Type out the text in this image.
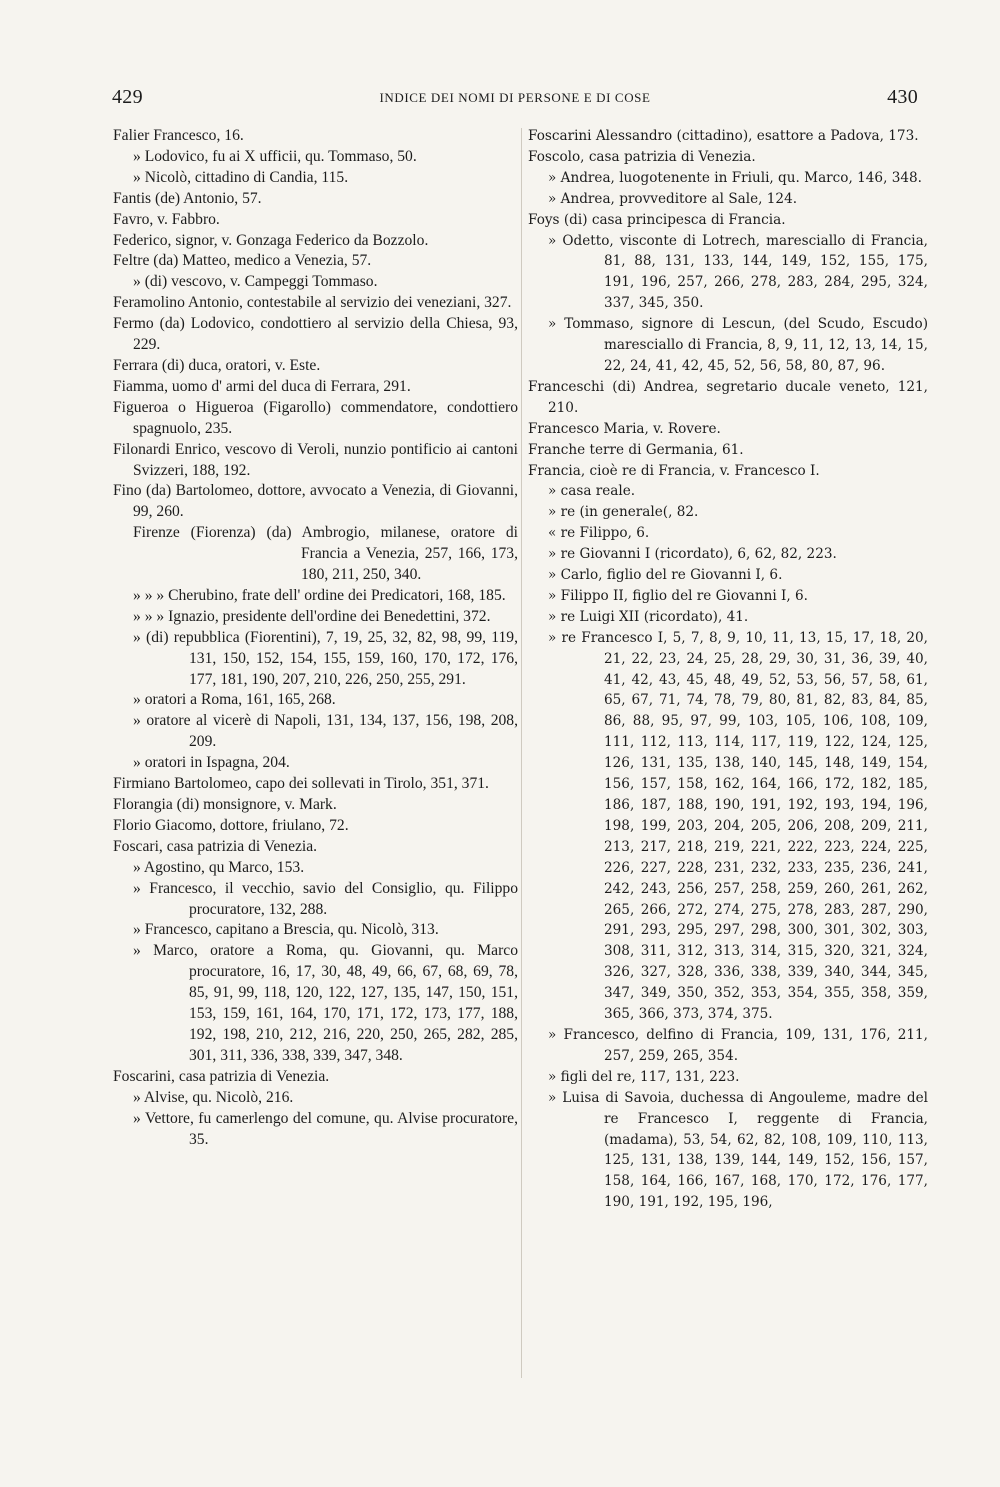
429	INDICE DEI NOMI DI PERSONE E DI COSE	430
Falier Francesco, 16.
» Lodovico, fu ai X ufficii, qu. Tommaso, 50.
» Nicolò, cittadino di Candia, 115.
Fantis (de) Antonio, 57.
Favro, v. Fabbro.
Federico, signor, v. Gonzaga Federico da Bozzolo.
Feltre (da) Matteo, medico a Venezia, 57.
» (di) vescovo, v. Campeggi Tommaso.
Feramolino Antonio, contestabile al servizio dei veneziani, 327.
Fermo (da) Lodovico, condottiero al servizio della Chiesa, 93, 229.
Ferrara (di) duca, oratori, v. Este.
Fiamma, uomo d' armi del duca di Ferrara, 291.
Figueroa o Higueroa (Figarollo) commendatore, condottiero spagnuolo, 235.
Filonardi Enrico, vescovo di Veroli, nunzio pontificio ai cantoni Svizzeri, 188, 192.
Fino (da) Bartolomeo, dottore, avvocato a Venezia, di Giovanni, 99, 260.
Firenze (Fiorenza) (da) Ambrogio, milanese, oratore di Francia a Venezia, 257, 166, 173, 180, 211, 250, 340.
» » » Cherubino, frate dell' ordine dei Predicatori, 168, 185.
» » » Ignazio, presidente dell'ordine dei Benedettini, 372.
» (di) repubblica (Fiorentini), 7, 19, 25, 32, 82, 98, 99, 119, 131, 150, 152, 154, 155, 159, 160, 170, 172, 176, 177, 181, 190, 207, 210, 226, 250, 255, 291.
» oratori a Roma, 161, 165, 268.
» oratore al vicerè di Napoli, 131, 134, 137, 156, 198, 208, 209.
» oratori in Ispagna, 204.
Firmiano Bartolomeo, capo dei sollevati in Tirolo, 351, 371.
Florangia (di) monsignore, v. Mark.
Florio Giacomo, dottore, friulano, 72.
Foscari, casa patrizia di Venezia.
» Agostino, qu Marco, 153.
» Francesco, il vecchio, savio del Consiglio, qu. Filippo procuratore, 132, 288.
» Francesco, capitano a Brescia, qu. Nicolò, 313.
» Marco, oratore a Roma, qu. Giovanni, qu. Marco procuratore, 16, 17, 30, 48, 49, 66, 67, 68, 69, 78, 85, 91, 99, 118, 120, 122, 127, 135, 147, 150, 151, 153, 159, 161, 164, 170, 171, 172, 173, 177, 188, 192, 198, 210, 212, 216, 220, 250, 265, 282, 285, 301, 311, 336, 338, 339, 347, 348.
Foscarini, casa patrizia di Venezia.
» Alvise, qu. Nicolò, 216.
» Vettore, fu camerlengo del comune, qu. Alvise procuratore, 35.
Foscarini Alessandro (cittadino), esattore a Padova, 173.
Foscolo, casa patrizia di Venezia.
» Andrea, luogotenente in Friuli, qu. Marco, 146, 348.
» Andrea, provveditore al Sale, 124.
Foys (di) casa principesca di Francia.
» Odetto, visconte di Lotrech, maresciallo di Francia, 81, 88, 131, 133, 144, 149, 152, 155, 175, 191, 196, 257, 266, 278, 283, 284, 295, 324, 337, 345, 350.
» Tommaso, signore di Lescun, (del Scudo, Escudo) maresciallo di Francia, 8, 9, 11, 12, 13, 14, 15, 22, 24, 41, 42, 45, 52, 56, 58, 80, 87, 96.
Franceschi (di) Andrea, segretario ducale veneto, 121, 210.
Francesco Maria, v. Rovere.
Franche terre di Germania, 61.
Francia, cioè re di Francia, v. Francesco I.
» casa reale.
» re (in generale(, 82.
« re Filippo, 6.
» re Giovanni I (ricordato), 6, 62, 82, 223.
» Carlo, figlio del re Giovanni I, 6.
» Filippo II, figlio del re Giovanni I, 6.
» re Luigi XII (ricordato), 41.
» re Francesco I, 5, 7, 8, 9, 10, 11, 13, 15, 17, 18, 20, 21, 22, 23, 24, 25, 28, 29, 30, 31, 36, 39, 40, 41, 42, 43, 45, 48, 49, 52, 53, 56, 57, 58, 61, 65, 67, 71, 74, 78, 79, 80, 81, 82, 83, 84, 85, 86, 88, 95, 97, 99, 103, 105, 106, 108, 109, 111, 112, 113, 114, 117, 119, 122, 124, 125, 126, 131, 135, 138, 140, 145, 148, 149, 154, 156, 157, 158, 162, 164, 166, 172, 182, 185, 186, 187, 188, 190, 191, 192, 193, 194, 196, 198, 199, 203, 204, 205, 206, 208, 209, 211, 213, 217, 218, 219, 221, 222, 223, 224, 225, 226, 227, 228, 231, 232, 233, 235, 236, 241, 242, 243, 256, 257, 258, 259, 260, 261, 262, 265, 266, 272, 274, 275, 278, 283, 287, 290, 291, 293, 295, 297, 298, 300, 301, 302, 303, 308, 311, 312, 313, 314, 315, 320, 321, 324, 326, 327, 328, 336, 338, 339, 340, 344, 345, 347, 349, 350, 352, 353, 354, 355, 358, 359, 365, 366, 373, 374, 375.
» Francesco, delfino di Francia, 109, 131, 176, 211, 257, 259, 265, 354.
» figli del re, 117, 131, 223.
» Luisa di Savoia, duchessa di Angouleme, madre del re Francesco I, reggente di Francia, (madama), 53, 54, 62, 82, 108, 109, 110, 113, 125, 131, 138, 139, 144, 149, 152, 156, 157, 158, 164, 166, 167, 168, 170, 172, 176, 177, 190, 191, 192, 195, 196,
